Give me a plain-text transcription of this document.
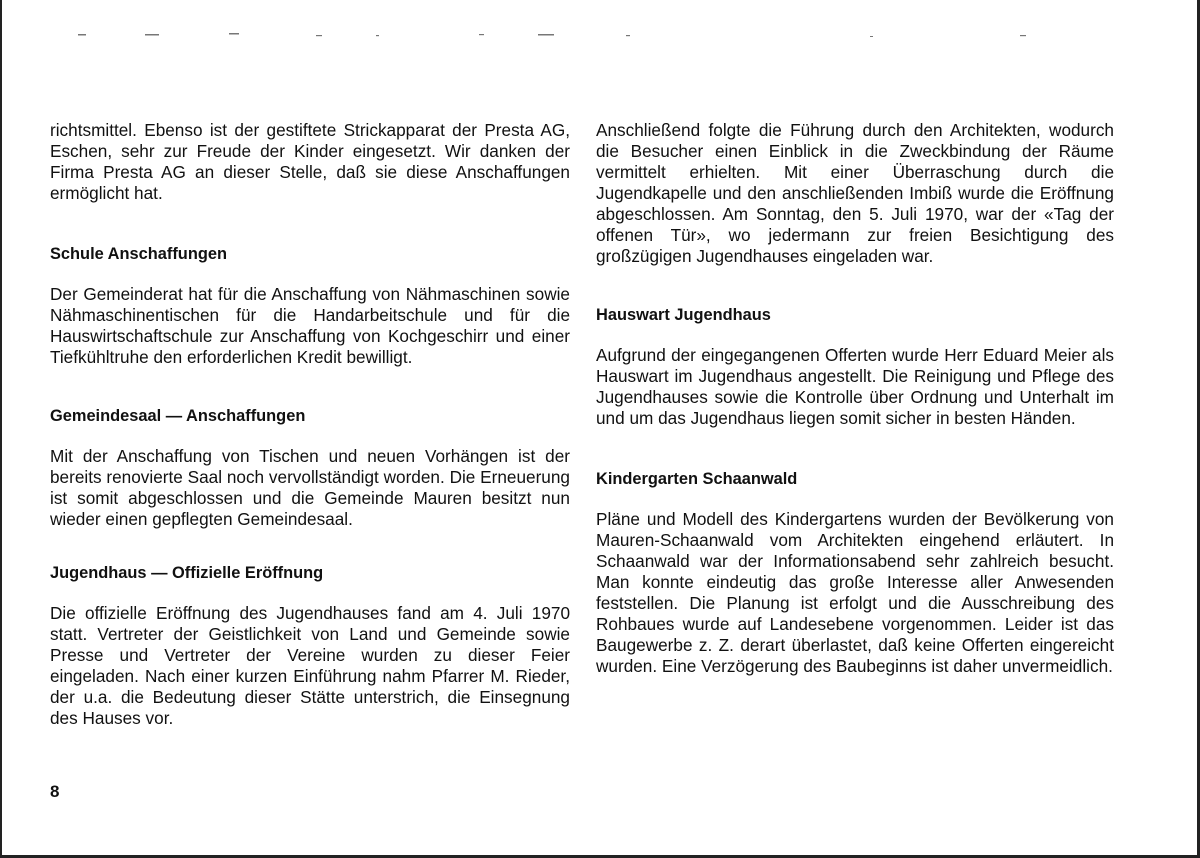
richtsmittel. Ebenso ist der gestiftete Strickapparat der Presta AG, Eschen, sehr zur Freude der Kinder eingesetzt. Wir danken der Firma Presta AG an dieser Stelle, daß sie diese Anschaffungen ermöglicht hat.

Schule Anschaffungen

Der Gemeinderat hat für die Anschaffung von Nähmaschinen sowie Nähmaschinentischen für die Handarbeitschule und für die Hauswirtschaftschule zur Anschaffung von Kochgeschirr und einer Tiefkühltruhe den erforderlichen Kredit bewilligt.

Gemeindesaal — Anschaffungen

Mit der Anschaffung von Tischen und neuen Vorhängen ist der bereits renovierte Saal noch vervollständigt worden. Die Erneuerung ist somit abgeschlossen und die Gemeinde Mauren besitzt nun wieder einen gepflegten Gemeindesaal.

Jugendhaus — Offizielle Eröffnung

Die offizielle Eröffnung des Jugendhauses fand am 4. Juli 1970 statt. Vertreter der Geistlichkeit von Land und Gemeinde sowie Presse und Vertreter der Vereine wurden zu dieser Feier eingeladen. Nach einer kurzen Einführung nahm Pfarrer M. Rieder, der u.a. die Bedeutung dieser Stätte unterstrich, die Einsegnung des Hauses vor.

Anschließend folgte die Führung durch den Architekten, wodurch die Besucher einen Einblick in die Zweckbindung der Räume vermittelt erhielten. Mit einer Überraschung durch die Jugendkapelle und den anschließenden Imbiß wurde die Eröffnung abgeschlossen. Am Sonntag, den 5. Juli 1970, war der «Tag der offenen Tür», wo jedermann zur freien Besichtigung des großzügigen Jugendhauses eingeladen war.

Hauswart Jugendhaus

Aufgrund der eingegangenen Offerten wurde Herr Eduard Meier als Hauswart im Jugendhaus angestellt. Die Reinigung und Pflege des Jugendhauses sowie die Kontrolle über Ordnung und Unterhalt im und um das Jugendhaus liegen somit sicher in besten Händen.

Kindergarten Schaanwald

Pläne und Modell des Kindergartens wurden der Bevölkerung von Mauren-Schaanwald vom Architekten eingehend erläutert. In Schaanwald war der Informationsabend sehr zahlreich besucht. Man konnte eindeutig das große Interesse aller Anwesenden feststellen. Die Planung ist erfolgt und die Ausschreibung des Rohbaues wurde auf Landesebene vorgenommen. Leider ist das Baugewerbe z. Z. derart überlastet, daß keine Offerten eingereicht wurden. Eine Verzögerung des Baubeginns ist daher unvermeidlich.

8
